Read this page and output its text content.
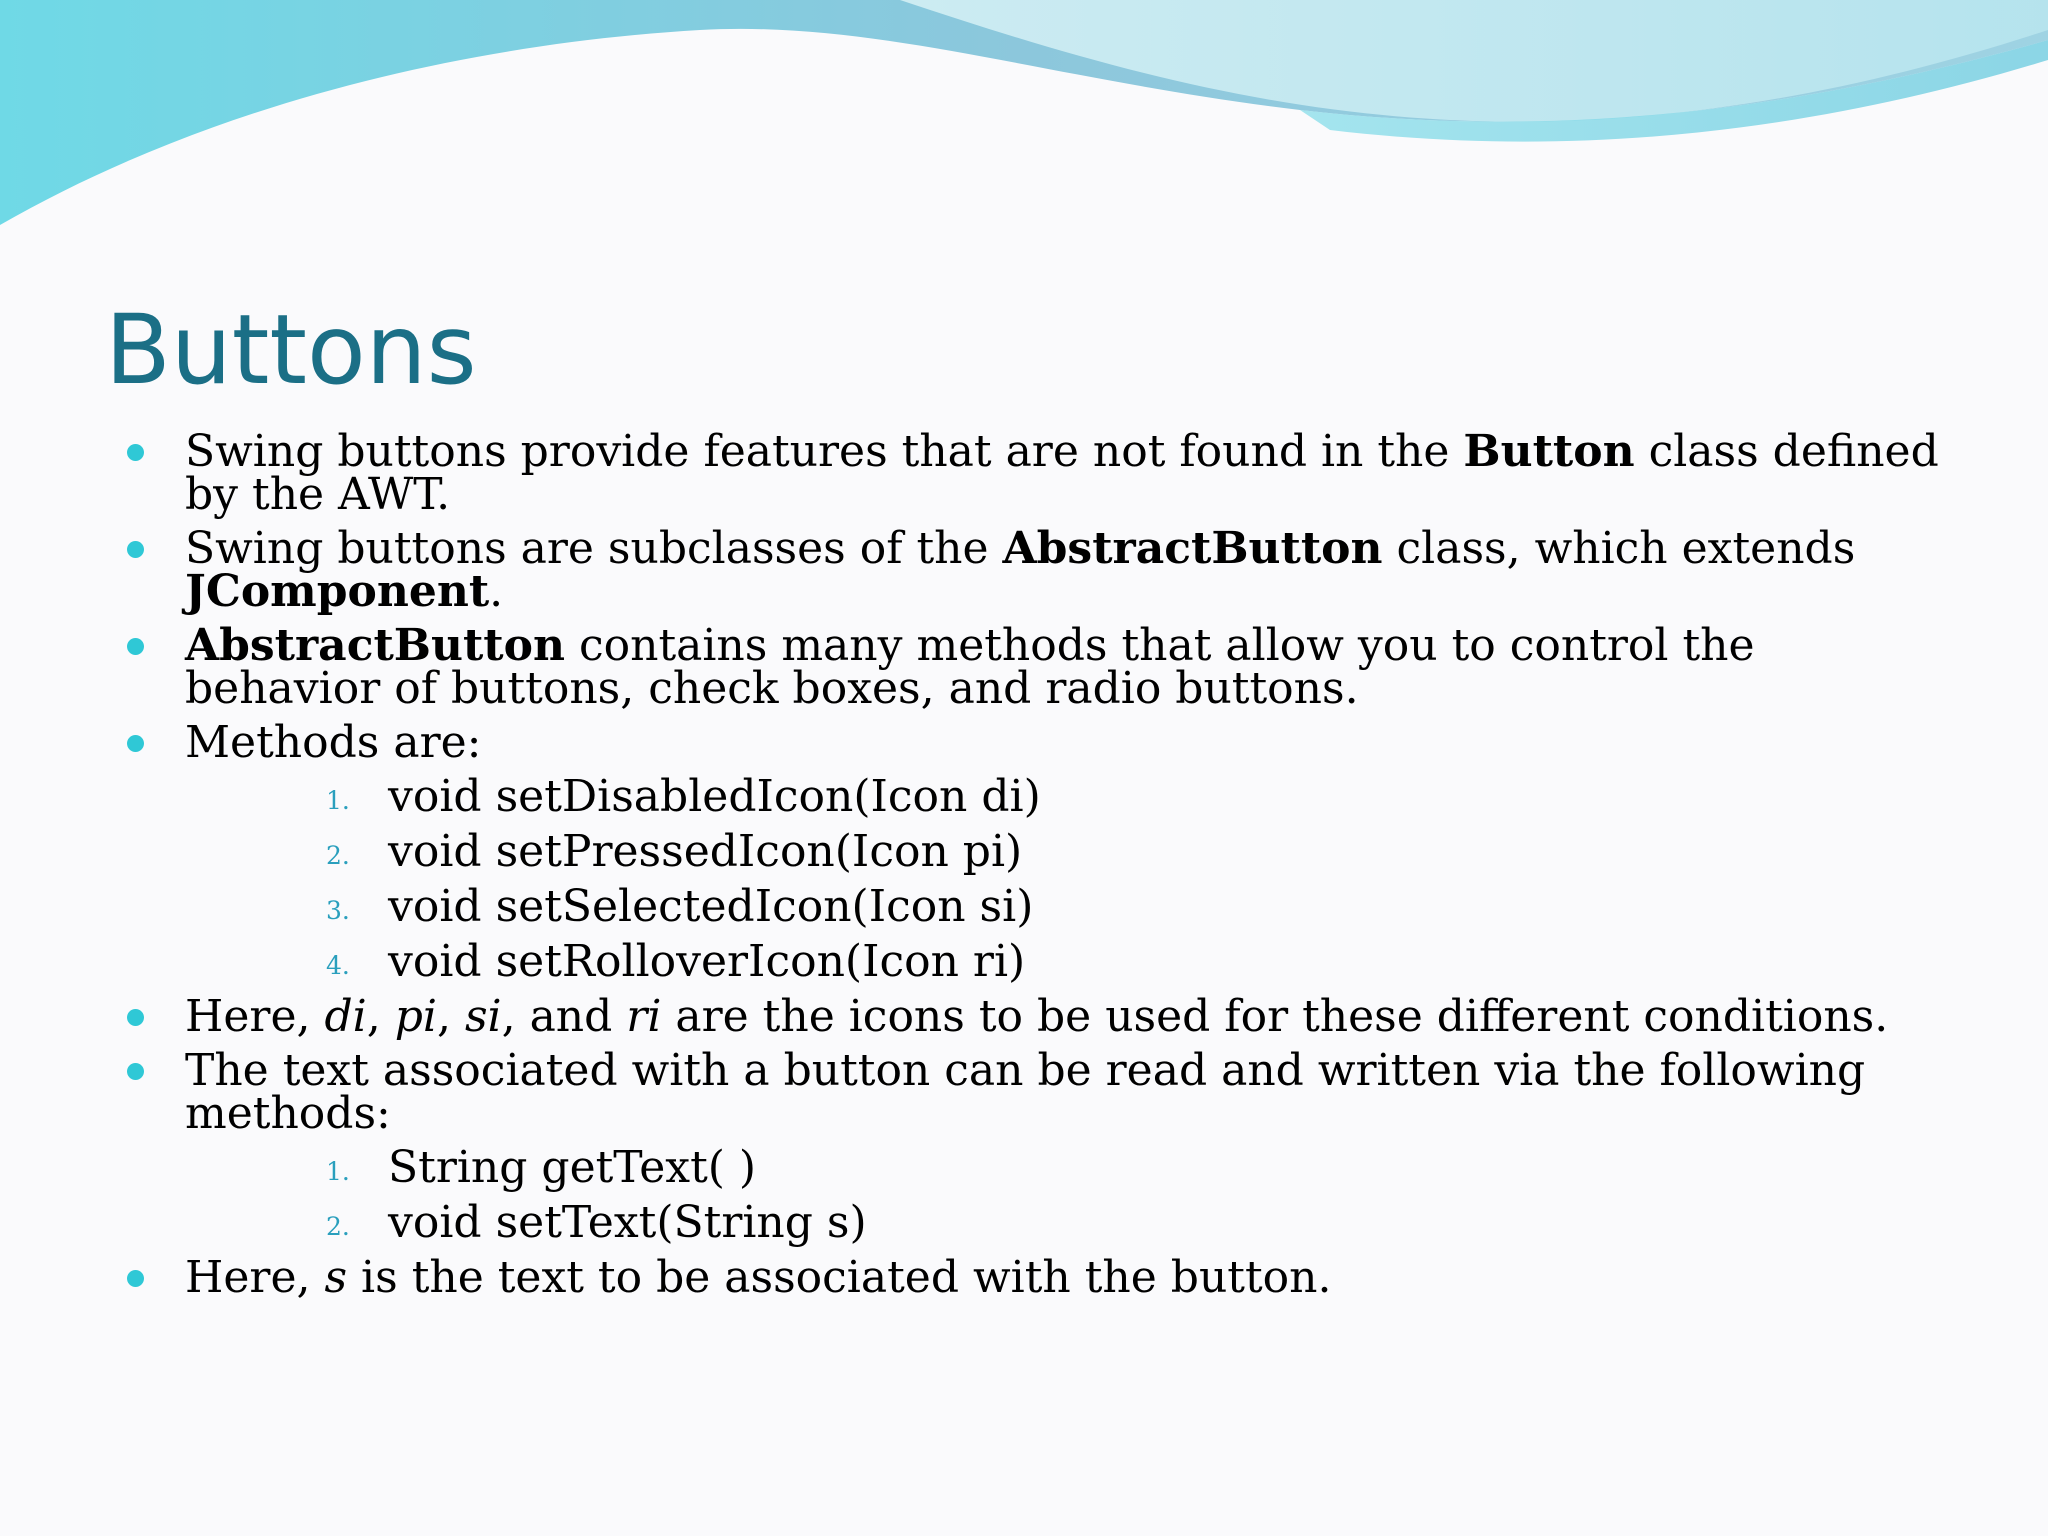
Buttons
Swing buttons provide features that are not found in the Button class defined by the AWT.
Swing buttons are subclasses of the AbstractButton class, which extends JComponent.
AbstractButton contains many methods that allow you to control the behavior of buttons, check boxes, and radio buttons.
Methods are:
1. void setDisabledIcon(Icon di)
2. void setPressedIcon(Icon pi)
3. void setSelectedIcon(Icon si)
4. void setRolloverIcon(Icon ri)
Here, di, pi, si, and ri are the icons to be used for these different conditions.
The text associated with a button can be read and written via the following methods:
1. String getText( )
2. void setText(String s)
Here, s is the text to be associated with the button.
